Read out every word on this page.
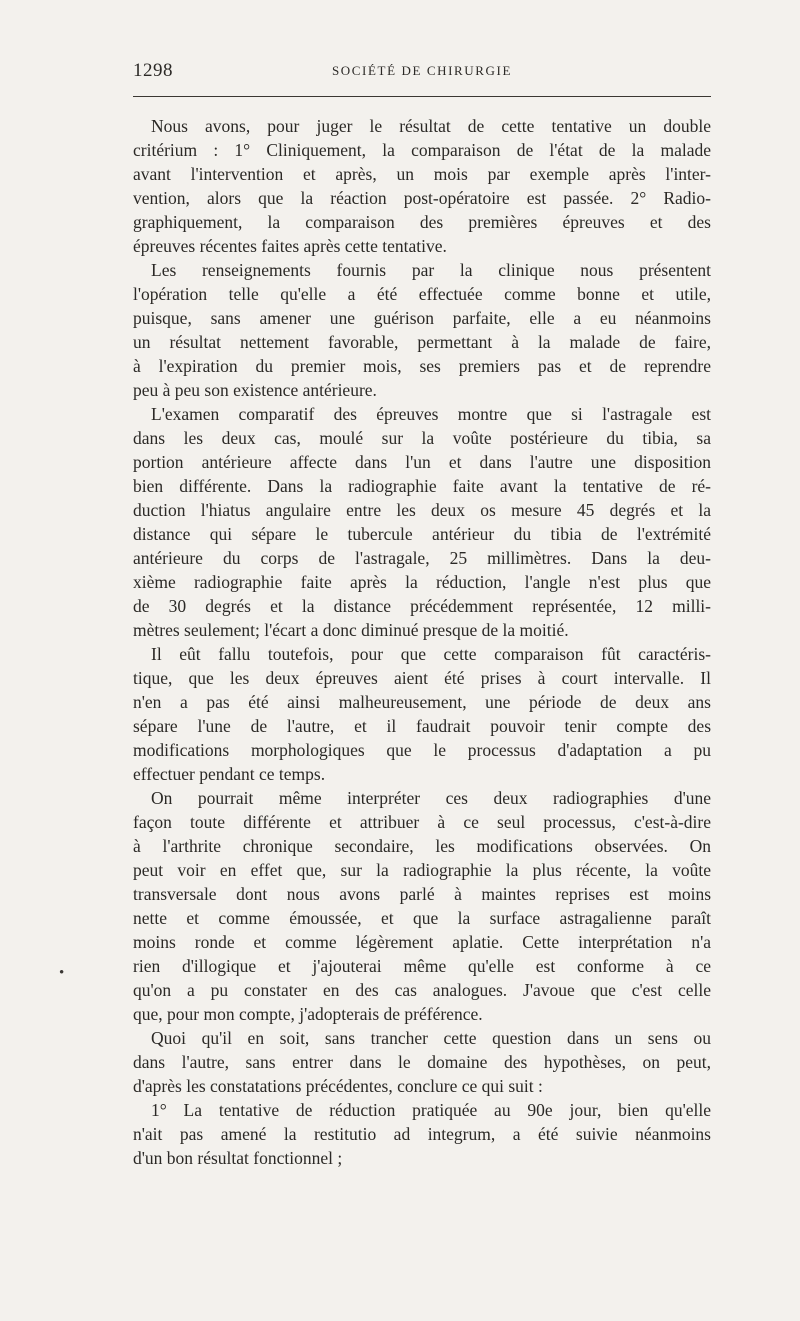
1298	SOCIÉTÉ DE CHIRURGIE
Nous avons, pour juger le résultat de cette tentative un double
critérium : 1° Cliniquement, la comparaison de l'état de la malade
avant l'intervention et après, un mois par exemple après l'inter-
vention, alors que la réaction post-opératoire est passée. 2° Radio-
graphiquement, la comparaison des premières épreuves et des
épreuves récentes faites après cette tentative.
Les renseignements fournis par la clinique nous présentent
l'opération telle qu'elle a été effectuée comme bonne et utile,
puisque, sans amener une guérison parfaite, elle a eu néanmoins
un résultat nettement favorable, permettant à la malade de faire,
à l'expiration du premier mois, ses premiers pas et de reprendre
peu à peu son existence antérieure.
L'examen comparatif des épreuves montre que si l'astragale est
dans les deux cas, moulé sur la voûte postérieure du tibia, sa
portion antérieure affecte dans l'un et dans l'autre une disposition
bien différente. Dans la radiographie faite avant la tentative de ré-
duction l'hiatus angulaire entre les deux os mesure 45 degrés et la
distance qui sépare le tubercule antérieur du tibia de l'extrémité
antérieure du corps de l'astragale, 25 millimètres. Dans la deu-
xième radiographie faite après la réduction, l'angle n'est plus que
de 30 degrés et la distance précédemment représentée, 12 milli-
mètres seulement; l'écart a donc diminué presque de la moitié.
Il eût fallu toutefois, pour que cette comparaison fût caractéris-
tique, que les deux épreuves aient été prises à court intervalle. Il
n'en a pas été ainsi malheureusement, une période de deux ans
sépare l'une de l'autre, et il faudrait pouvoir tenir compte des
modifications morphologiques que le processus d'adaptation a pu
effectuer pendant ce temps.
On pourrait même interpréter ces deux radiographies d'une
façon toute différente et attribuer à ce seul processus, c'est-à-dire
à l'arthrite chronique secondaire, les modifications observées. On
peut voir en effet que, sur la radiographie la plus récente, la voûte
transversale dont nous avons parlé à maintes reprises est moins
nette et comme émoussée, et que la surface astragalienne paraît
moins ronde et comme légèrement aplatie. Cette interprétation n'a
rien d'illogique et j'ajouterai même qu'elle est conforme à ce
qu'on a pu constater en des cas analogues. J'avoue que c'est celle
que, pour mon compte, j'adopterais de préférence.
Quoi qu'il en soit, sans trancher cette question dans un sens ou
dans l'autre, sans entrer dans le domaine des hypothèses, on peut,
d'après les constatations précédentes, conclure ce qui suit :
1° La tentative de réduction pratiquée au 90e jour, bien qu'elle
n'ait pas amené la restitutio ad integrum, a été suivie néanmoins
d'un bon résultat fonctionnel ;
•
